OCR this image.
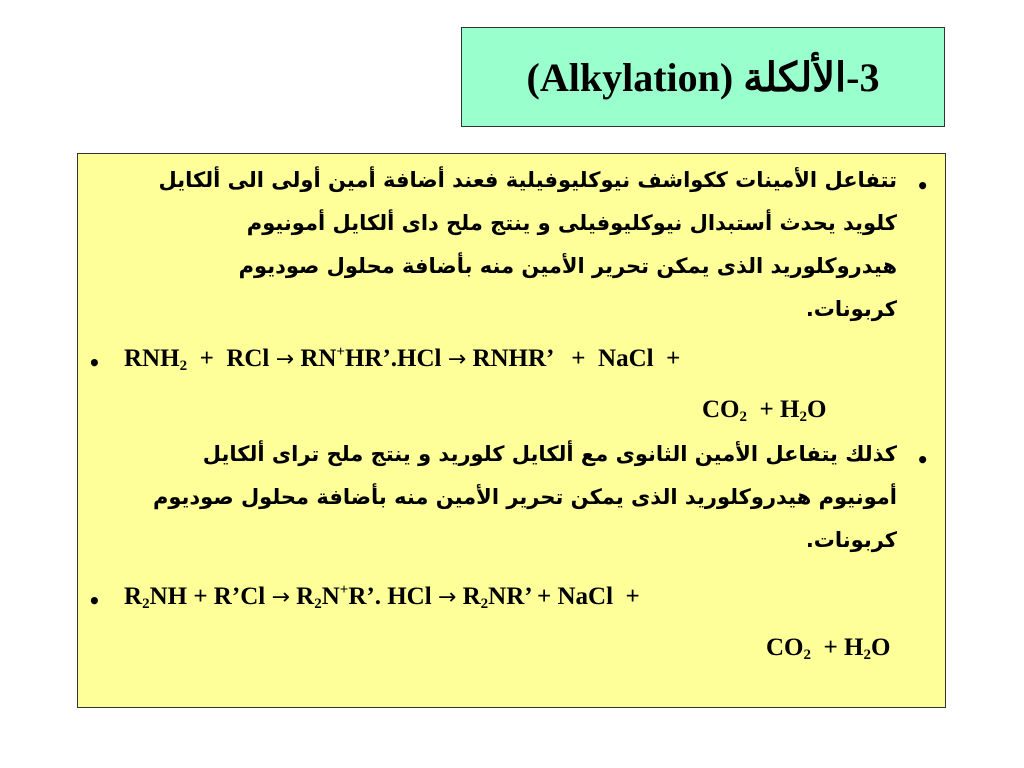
3-الألكلة (Alkylation)
•
تتفاعل الأمينات ككواشف نيوكليوفيلية فعند أضافة أمين أولى الى ألكايل
كلويد يحدث أستبدال نيوكليوفيلى و ينتج ملح داى ألكايل أمونيوم
هيدروكلوريد الذى يمكن تحرير الأمين منه بأضافة محلول صوديوم
كربونات.
• $RNH_2$  +  RCl → RN+HR’.HCl → RNHR’   +  NaCl  +
$CO_2 + H_2O$
•
كذلك يتفاعل الأمين الثانوى مع ألكايل كلوريد و ينتج ملح تراى ألكايل
أمونيوم هيدروكلوريد الذى يمكن تحرير الأمين منه بأضافة محلول صوديوم
كربونات.
• $R_2NH$ + R’Cl → $R_2N^+R$’. HCl → $R_2NR$’ + NaCl  +
$CO_2 + H_2O$
